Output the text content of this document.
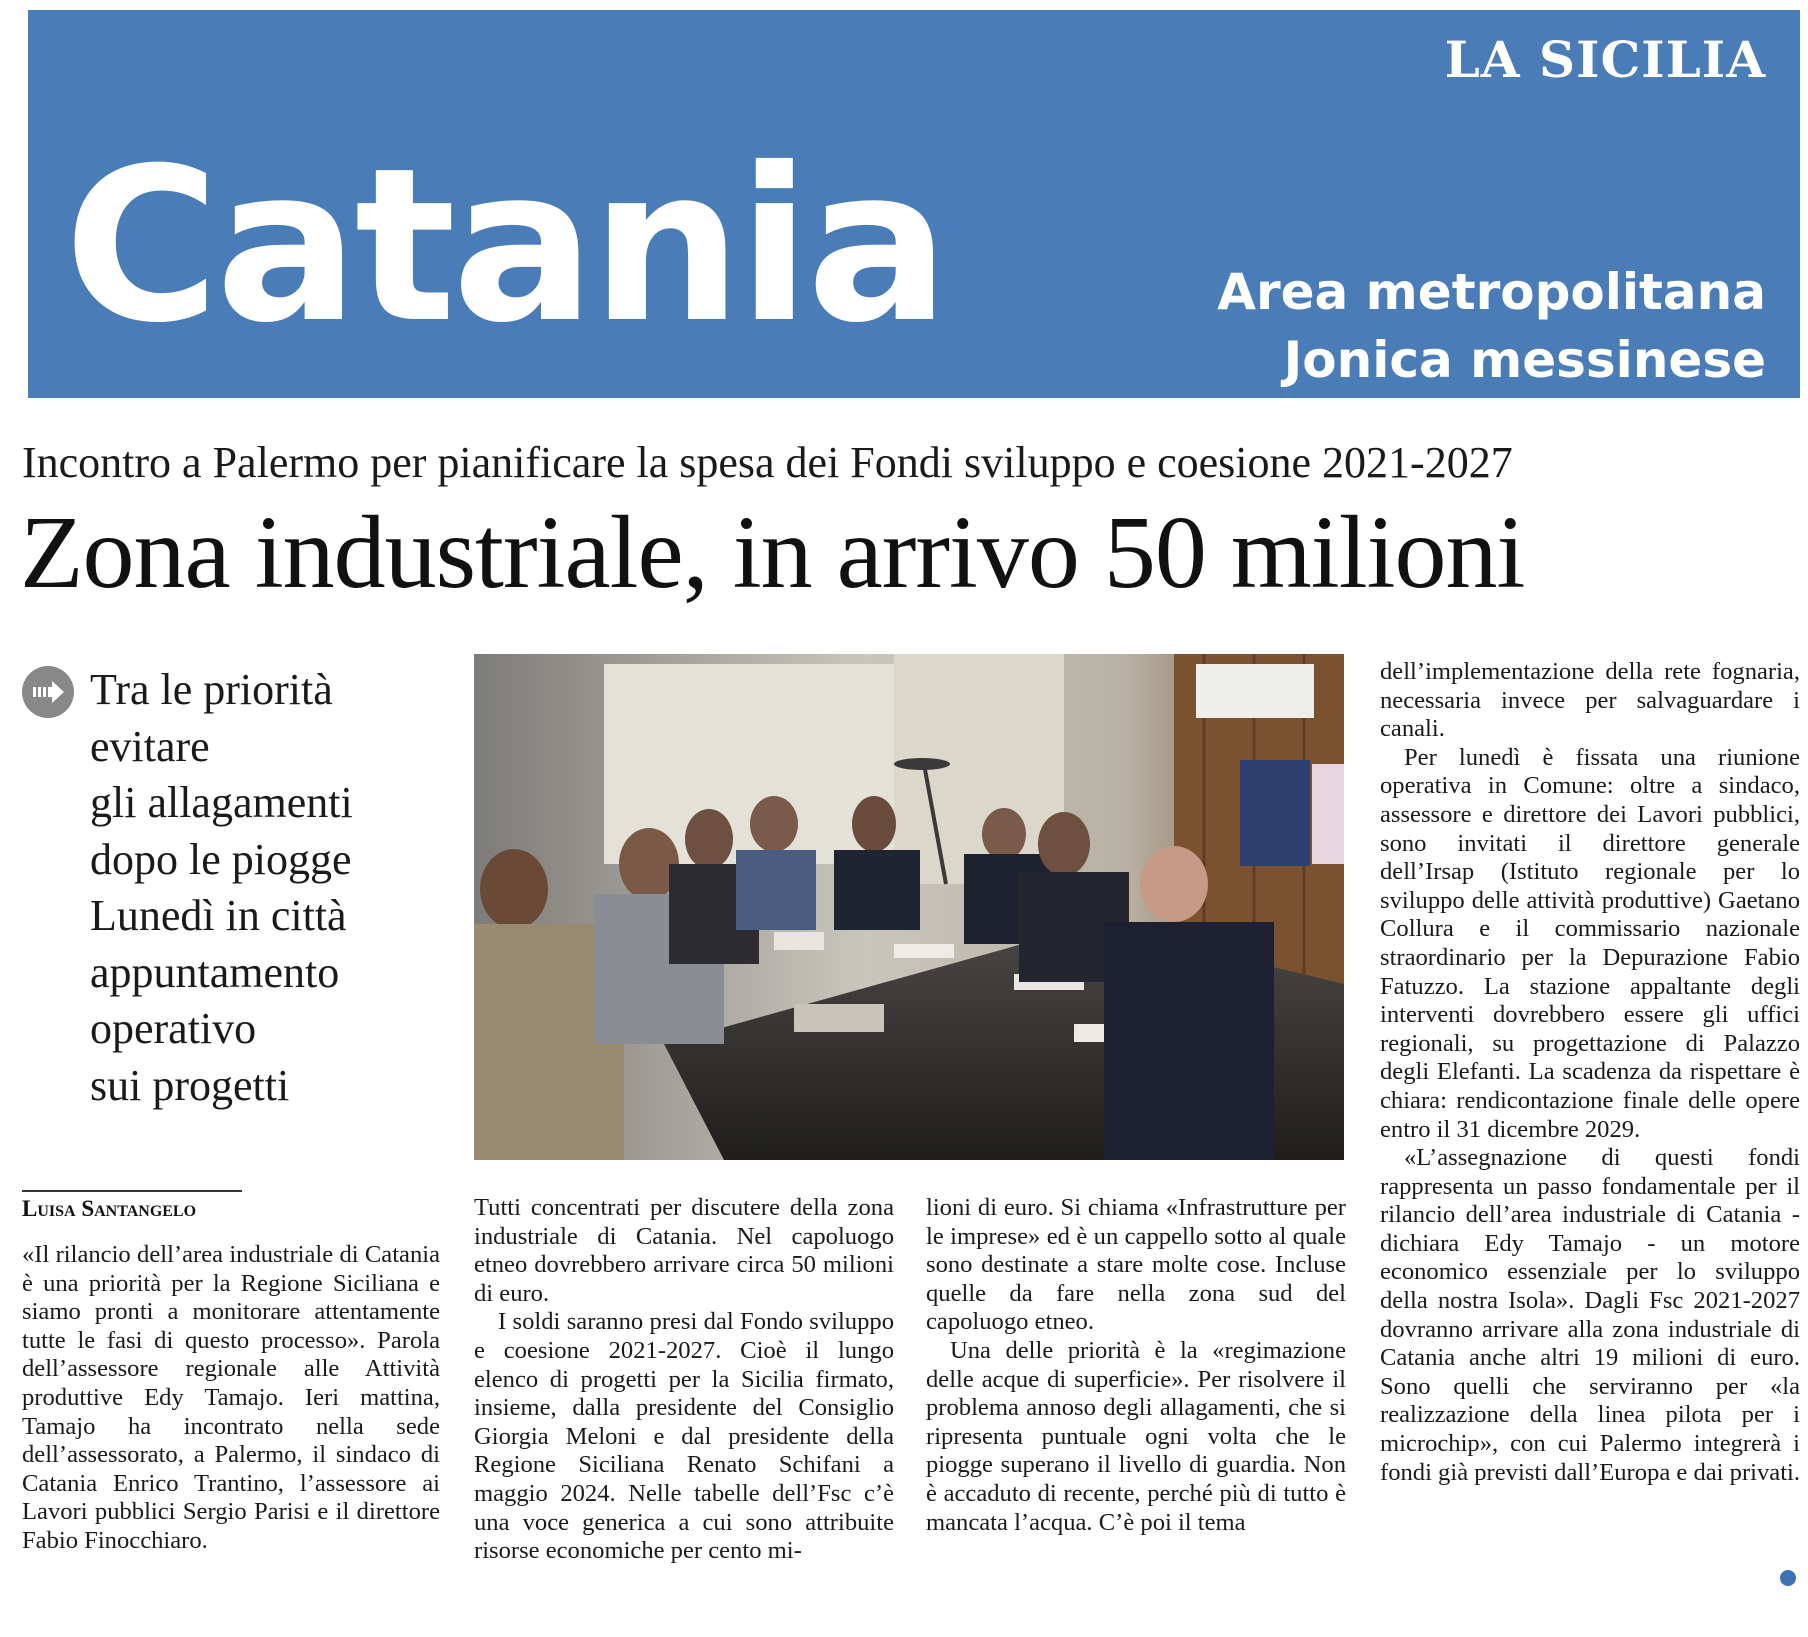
LA SICILIA
Catania	Area metropolitana
Jonica messinese
Incontro a Palermo per pianificare la spesa dei Fondi sviluppo e coesione 2021-2027
Zona industriale, in arrivo 50 milioni
Tra le priorità
evitare
gli allagamenti
dopo le piogge
Lunedì in città
appuntamento
operativo
sui progetti
Luisa Santangelo

«Il rilancio dell’area industriale di Catania è una priorità per la Regione Siciliana e siamo pronti a monitorare attentamente tutte le fasi di questo processo». Parola dell’assessore regionale alle Attività produttive Edy Tamajo. Ieri mattina, Tamajo ha incontrato nella sede dell’assessorato, a Palermo, il sindaco di Catania Enrico Trantino, l’assessore ai Lavori pubblici Sergio Parisi e il direttore Fabio Finocchiaro.

Tutti concentrati per discutere della zona industriale di Catania. Nel capoluogo etneo dovrebbero arrivare circa 50 milioni di euro.

I soldi saranno presi dal Fondo sviluppo e coesione 2021-2027. Cioè il lungo elenco di progetti per la Sicilia firmato, insieme, dalla presidente del Consiglio Giorgia Meloni e dal presidente della Regione Siciliana Renato Schifani a maggio 2024. Nelle tabelle dell’Fsc c’è una voce generica a cui sono attribuite risorse economiche per cento mi-

lioni di euro. Si chiama «Infrastrutture per le imprese» ed è un cappello sotto al quale sono destinate a stare molte cose. Incluse quelle da fare nella zona sud del capoluogo etneo.

Una delle priorità è la «regimazione delle acque di superficie». Per risolvere il problema annoso degli allagamenti, che si ripresenta puntuale ogni volta che le piogge superano il livello di guardia. Non è accaduto di recente, perché più di tutto è mancata l’acqua. C’è poi il tema

dell’implementazione della rete fognaria, necessaria invece per salvaguardare i canali.

Per lunedì è fissata una riunione operativa in Comune: oltre a sindaco, assessore e direttore dei Lavori pubblici, sono invitati il direttore generale dell’Irsap (Istituto regionale per lo sviluppo delle attività produttive) Gaetano Collura e il commissario nazionale straordinario per la Depurazione Fabio Fatuzzo. La stazione appaltante degli interventi dovrebbero essere gli uffici regionali, su progettazione di Palazzo degli Elefanti. La scadenza da rispettare è chiara: rendicontazione finale delle opere entro il 31 dicembre 2029.

«L’assegnazione di questi fondi rappresenta un passo fondamentale per il rilancio dell’area industriale di Catania - dichiara Edy Tamajo - un motore economico essenziale per lo sviluppo della nostra Isola». Dagli Fsc 2021-2027 dovranno arrivare alla zona industriale di Catania anche altri 19 milioni di euro. Sono quelli che serviranno per «la realizzazione della linea pilota per i microchip», con cui Palermo integrerà i fondi già previsti dall’Europa e dai privati.
